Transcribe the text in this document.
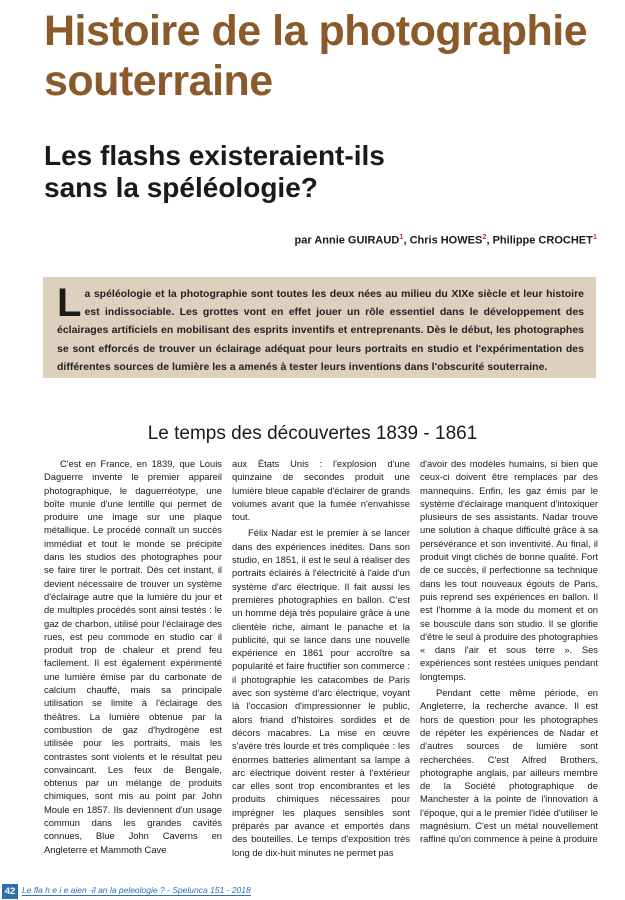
Histoire de la photographie souterraine
Les flashs existeraient-ils
sans la spéléologie?

par Annie GUIRAUD$^1$, Chris HOWES$^2$, Philippe CROCHET$^1$

La spéléologie et la photographie sont toutes les deux nées au milieu du XIXe siècle et leur histoire est indissociable. Les grottes vont en effet jouer un rôle essentiel dans le développement des éclairages artificiels en mobilisant des esprits inventifs et entreprenants. Dès le début, les photographes se sont efforcés de trouver un éclairage adéquat pour leurs portraits en studio et l'expérimentation des différentes sources de lumière les a amenés à tester leurs inventions dans l'obscurité souterraine.
Le temps des découvertes 1839 - 1861

C'est en France, en 1839, que Louis Daguerre invente le premier appareil photographique, le daguerréotype, une boîte munie d'une lentille qui permet de produire une image sur une plaque métallique. Le procédé connaît un succès immédiat et tout le monde se précipite dans les studios des photographes pour se faire tirer le portrait. Dès cet instant, il devient nécessaire de trouver un système d'éclairage autre que la lumière du jour et de multiples procédés sont ainsi testés : le gaz de charbon, utilisé pour l'éclairage des rues, est peu commode en studio car il produit trop de chaleur et prend feu facilement. Il est également expérimenté une lumière émise par du carbonate de calcium chauffé, mais sa principale utilisation se limite à l'éclairage des théâtres. La lumière obtenue par la combustion de gaz d'hydrogène est utilisée pour les portraits, mais les contrastes sont violents et le résultat peu convaincant. Les feux de Bengale, obtenus par un mélange de produits chimiques, sont mis au point par John Moule en 1857. Ils deviennent d'un usage commun dans les grandes cavités connues, Blue John Caverns en Angleterre et Mammoth Cave

aux États Unis : l'explosion d'une quinzaine de secondes produit une lumière bleue capable d'éclairer de grands volumes avant que la fumée n'envahisse tout.

Félix Nadar est le premier à se lancer dans des expériences inédites. Dans son studio, en 1851, il est le seul à réaliser des portraits éclairés à l'électricité à l'aide d'un système d'arc électrique. Il fait aussi les premières photographies en ballon. C'est un homme déjà très populaire grâce à une clientèle riche, aimant le panache et la publicité, qui se lance dans une nouvelle expérience en 1861 pour accroître sa popularité et faire fructifier son commerce : il photographie les catacombes de Paris avec son système d'arc électrique, voyant là l'occasion d'impressionner le public, alors friand d'histoires sordides et de décors macabres. La mise en œuvre s'avère très lourde et très compliquée : les énormes batteries alimentant sa lampe à arc électrique doivent rester à l'extérieur car elles sont trop encombrantes et les produits chimiques nécessaires pour imprégner les plaques sensibles sont préparés par avance et emportés dans des bouteilles. Le temps d'exposition très long de dix-huit minutes ne permet pas

d'avoir des modèles humains, si bien que ceux-ci doivent être remplacés par des mannequins. Enfin, les gaz émis par le système d'éclairage manquent d'intoxiquer plusieurs de ses assistants. Nadar trouve une solution à chaque difficulté grâce à sa persévérance et son inventivité. Au final, il produit vingt clichés de bonne qualité. Fort de ce succès, il perfectionne sa technique dans les tout nouveaux égouts de Paris, puis reprend ses expériences en ballon. Il est l'homme à la mode du moment et on se bouscule dans son studio. Il se glorifie d'être le seul à produire des photographies « dans l'air et sous terre ». Ses expériences sont restées uniques pendant longtemps.

Pendant cette même période, en Angleterre, la recherche avance. Il est hors de question pour les photographes de répéter les expériences de Nadar et d'autres sources de lumière sont recherchées. C'est Alfred Brothers, photographe anglais, par ailleurs membre de la Société photographique de Manchester à la pointe de l'innovation à l'époque, qui a le premier l'idée d'utiliser le magnésium. C'est un métal nouvellement raffiné qu'on commence à peine à produire

42 Le fla h e i e aien -il an la peleologie ? - Spelunca 151 - 2018
